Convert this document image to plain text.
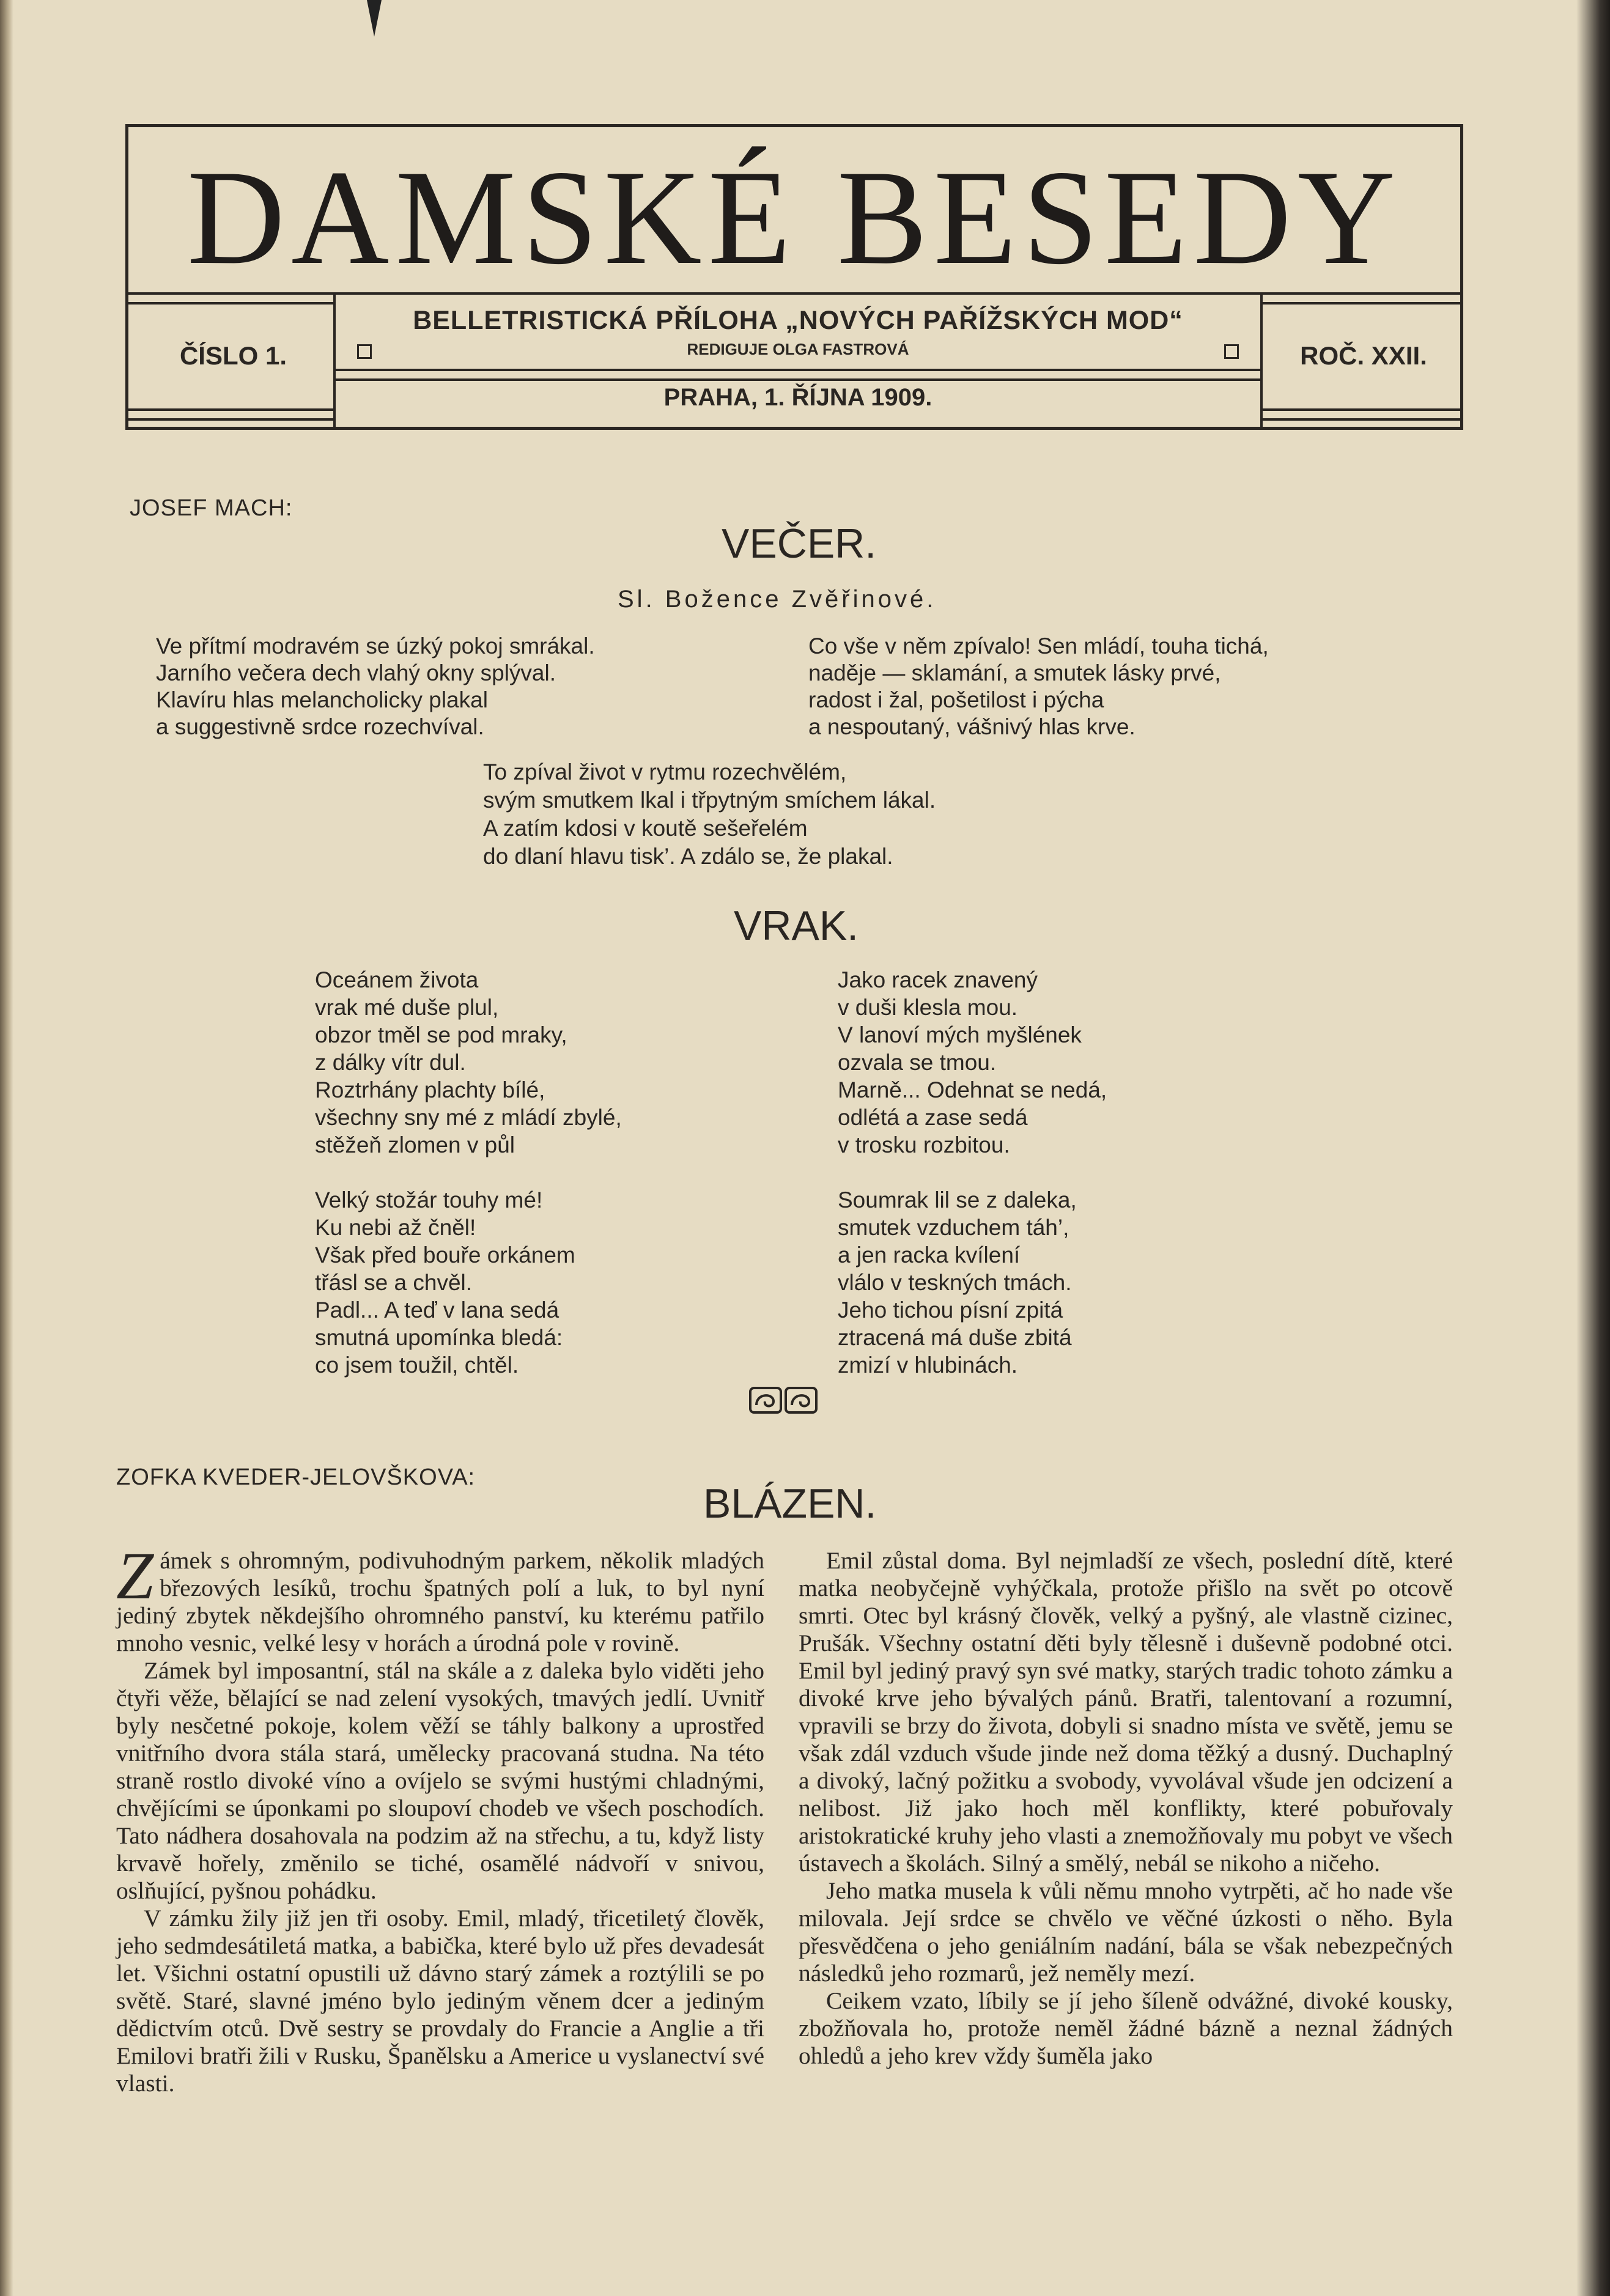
DAMSKÉ BESEDY
ČÍSLO 1.	ROČ. XXII.
BELLETRISTICKÁ PŘÍLOHA „NOVÝCH PAŘÍŽSKÝCH MOD“
REDIGUJE OLGA FASTROVÁ
PRAHA, 1. ŘÍJNA 1909.
JOSEF MACH:
VEČER.
Sl. Božence Zvěřinové.
Ve přítmí modravém se úzký pokoj smrákal.
Jarního večera dech vlahý okny splýval.
Klavíru hlas melancholicky plakal
a suggestivně srdce rozechvíval.
Co vše v něm zpívalo! Sen mládí, touha tichá,
naděje — sklamání, a smutek lásky prvé,
radost i žal, pošetilost i pýcha
a nespoutaný, vášnivý hlas krve.
To zpíval život v rytmu rozechvělém,
svým smutkem lkal i třpytným smíchem lákal.
A zatím kdosi v koutě sešeřelém
do dlaní hlavu tisk’. A zdálo se, že plakal.
VRAK.
Oceánem života
vrak mé duše plul,
obzor tměl se pod mraky,
z dálky vítr dul.
Roztrhány plachty bílé,
všechny sny mé z mládí zbylé,
stěžeň zlomen v půl

Velký stožár touhy mé!
Ku nebi až čněl!
Však před bouře orkánem
třásl se a chvěl.
Padl... A teď v lana sedá
smutná upomínka bledá:
co jsem toužil, chtěl.
Jako racek znavený
v duši klesla mou.
V lanoví mých myšlének
ozvala se tmou.
Marně... Odehnat se nedá,
odlétá a zase sedá
v trosku rozbitou.

Soumrak lil se z daleka,
smutek vzduchem táh’,
a jen racka kvílení
vlálo v teskných tmách.
Jeho tichou písní zpitá
ztracená má duše zbitá
zmizí v hlubinách.
ZOFKA KVEDER-JELOVŠKOVA:
BLÁZEN.

Zámek s ohromným, podivuhodným parkem, několik mladých březových lesíků, trochu špatných polí a luk, to byl nyní jediný zbytek někdejšího ohromného panství, ku kterému patřilo mnoho vesnic, velké lesy v horách a úrodná pole v rovině.

Zámek byl imposantní, stál na skále a z daleka bylo viděti jeho čtyři věže, bělající se nad zelení vysokých, tmavých jedlí. Uvnitř byly nesčetné pokoje, kolem věží se táhly balkony a uprostřed vnitřního dvora stála stará, umělecky pracovaná studna. Na této straně rostlo divoké víno a ovíjelo se svými hustými chladnými, chvějícími se úponkami po sloupoví chodeb ve všech poschodích. Tato nádhera dosahovala na podzim až na střechu, a tu, když listy krvavě hořely, změnilo se tiché, osamělé nádvoří v snivou, oslňující, pyšnou pohádku.

V zámku žily již jen tři osoby. Emil, mladý, třicetiletý člověk, jeho sedmdesátiletá matka, a babička, které bylo už přes devadesát let. Všichni ostatní opustili už dávno starý zámek a roztýlili se po světě. Staré, slavné jméno bylo jediným věnem dcer a jediným dědictvím otců. Dvě sestry se provdaly do Francie a Anglie a tři Emilovi bratři žili v Rusku, Španělsku a Americe u vyslanectví své vlasti.

Emil zůstal doma. Byl nejmladší ze všech, poslední dítě, které matka neobyčejně vyhýčkala, protože přišlo na svět po otcově smrti. Otec byl krásný člověk, velký a pyšný, ale vlastně cizinec, Prušák. Všechny ostatní děti byly tělesně i duševně podobné otci. Emil byl jediný pravý syn své matky, starých tradic tohoto zámku a divoké krve jeho bývalých pánů. Bratři, talentovaní a rozumní, vpravili se brzy do života, dobyli si snadno místa ve světě, jemu se však zdál vzduch všude jinde než doma těžký a dusný. Duchaplný a divoký, lačný požitku a svobody, vyvolával všude jen odcizení a nelibost. Již jako hoch měl konflikty, které pobuřovaly aristokratické kruhy jeho vlasti a znemožňovaly mu pobyt ve všech ústavech a školách. Silný a smělý, nebál se nikoho a ničeho.

Jeho matka musela k vůli němu mnoho vytrpěti, ač ho nade vše milovala. Její srdce se chvělo ve věčné úzkosti o něho. Byla přesvědčena o jeho geniálním nadání, bála se však nebezpečných následků jeho rozmarů, jež neměly mezí.

Ceikem vzato, líbily se jí jeho šíleně odvážné, divoké kousky, zbožňovala ho, protože neměl žádné bázně a neznal žádných ohledů a jeho krev vždy šuměla jako
